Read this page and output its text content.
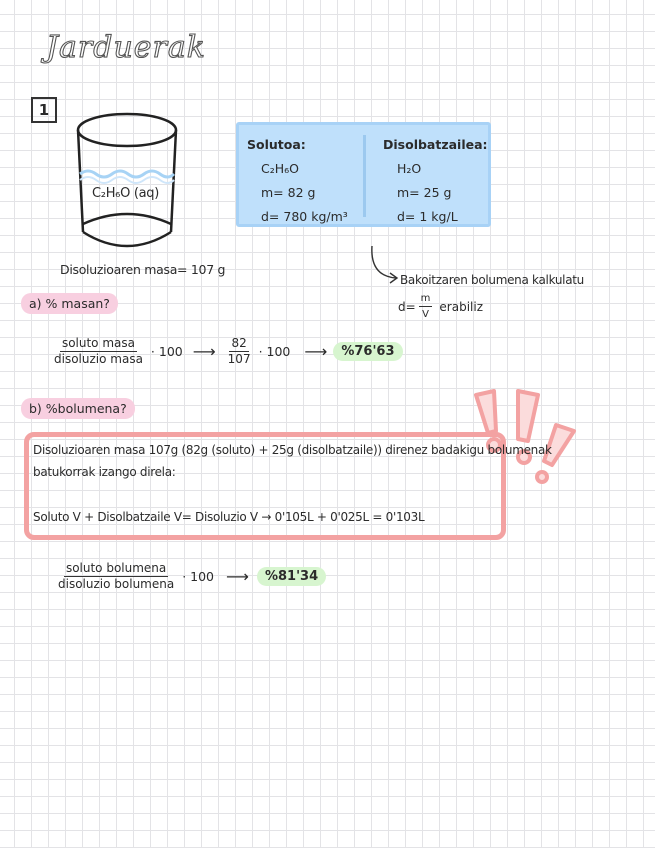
Jarduerak
1
C₂H₆O (aq)
Disoluzioaren masa= 107 g
Solutoa:
C₂H₆O
m= 82 g
d= 780 kg/m³
Disolbatzailea:
H₂O
m= 25 g
d= 1 kg/L
Bakoitzaren bolumena kalkulatu
$d= \frac{m}{V}$ erabiliz
a) % masan?
$\frac{\text{soluto masa}}{\text{disoluzio masa}} \cdot 100$ ⟶ $\frac{82}{107} \cdot 100$ ⟶	%76'63
b) %bolumena?
Disoluzioaren masa 107g (82g (soluto) + 25g (disolbatzaile)) direnez badakigu bolumenak
batukorrak izango direla:
Soluto V + Disolbatzaile V= Disoluzio V → 0'105L + 0'025L = 0'103L
$\frac{\text{soluto bolumena}}{\text{disoluzio bolumena}} \cdot 100$ ⟶	%81'34
